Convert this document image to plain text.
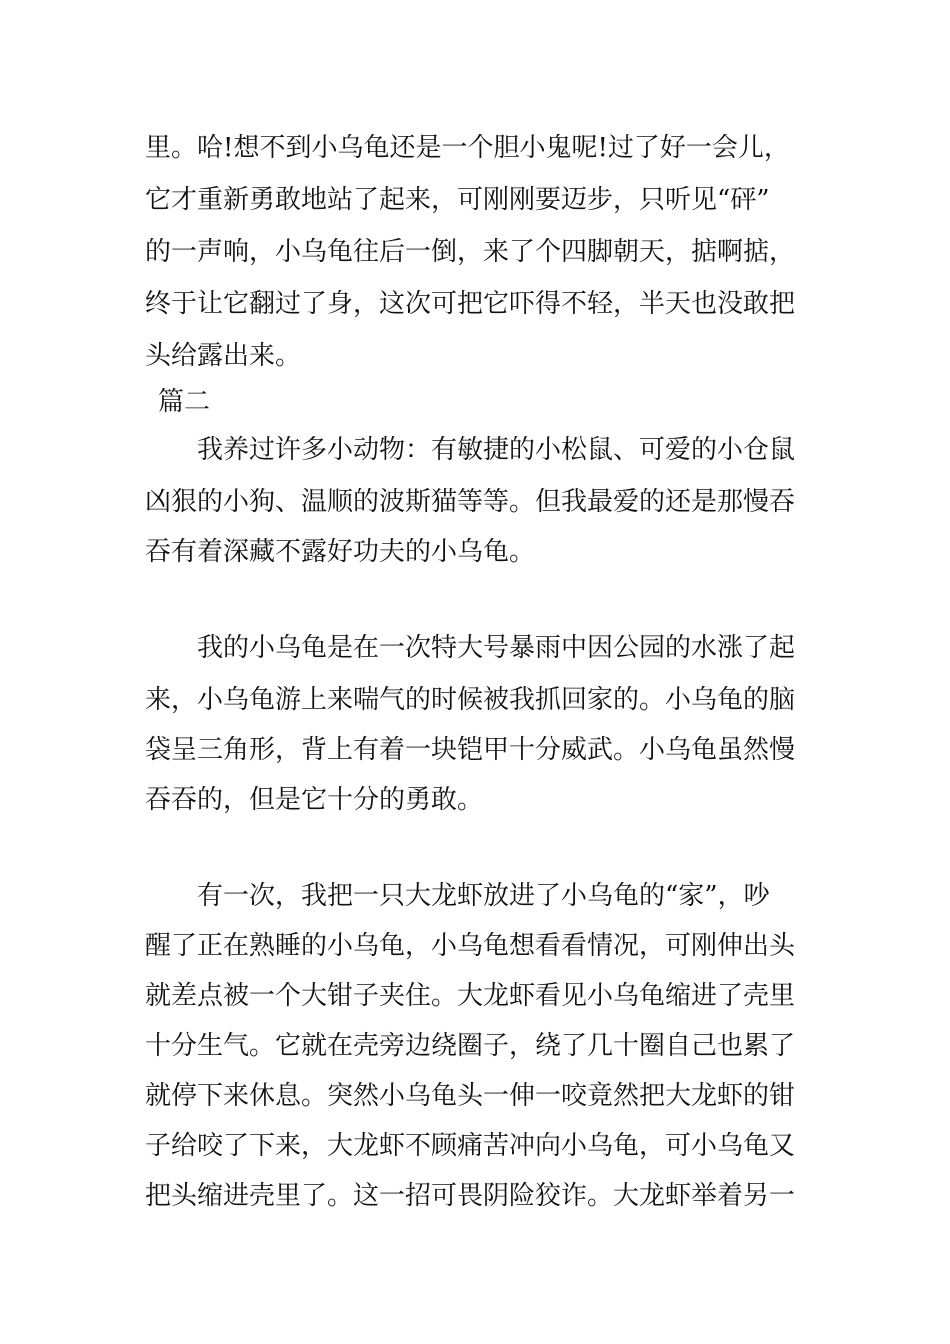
里。哈!想不到小乌龟还是一个胆小鬼呢!过了好一会儿，
它才重新勇敢地站了起来，可刚刚要迈步，只听见“砰”
的一声响，小乌龟往后一倒，来了个四脚朝天，掂啊掂，
终于让它翻过了身，这次可把它吓得不轻，半天也没敢把
头给露出来。
篇二
我养过许多小动物：有敏捷的小松鼠、可爱的小仓鼠
凶狠的小狗、温顺的波斯猫等等。但我最爱的还是那慢吞
吞有着深藏不露好功夫的小乌龟。
我的小乌龟是在一次特大号暴雨中因公园的水涨了起
来，小乌龟游上来喘气的时候被我抓回家的。小乌龟的脑
袋呈三角形，背上有着一块铠甲十分威武。小乌龟虽然慢
吞吞的，但是它十分的勇敢。
有一次，我把一只大龙虾放进了小乌龟的“家”，吵
醒了正在熟睡的小乌龟，小乌龟想看看情况，可刚伸出头
就差点被一个大钳子夹住。大龙虾看见小乌龟缩进了壳里
十分生气。它就在壳旁边绕圈子，绕了几十圈自己也累了
就停下来休息。突然小乌龟头一伸一咬竟然把大龙虾的钳
子给咬了下来，大龙虾不顾痛苦冲向小乌龟，可小乌龟又
把头缩进壳里了。这一招可畏阴险狡诈。大龙虾举着另一
